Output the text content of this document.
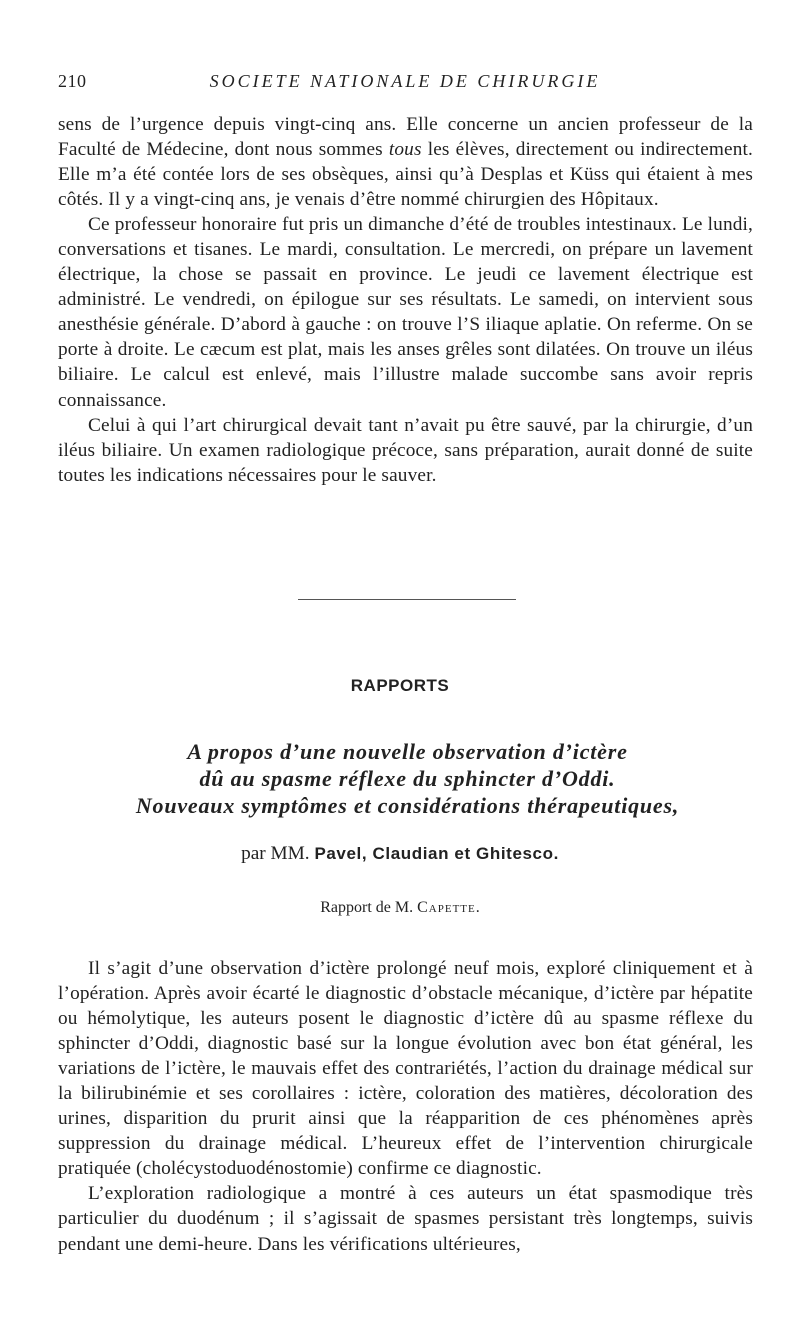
210	SOCIETE NATIONALE DE CHIRURGIE

sens de l’urgence depuis vingt-cinq ans. Elle concerne un ancien professeur de la Faculté de Médecine, dont nous sommes tous les élèves, directement ou indirectement. Elle m’a été contée lors de ses obsèques, ainsi qu’à Desplas et Küss qui étaient à mes côtés. Il y a vingt-cinq ans, je venais d’être nommé chirurgien des Hôpitaux.

Ce professeur honoraire fut pris un dimanche d’été de troubles intestinaux. Le lundi, conversations et tisanes. Le mardi, consultation. Le mercredi, on prépare un lavement électrique, la chose se passait en province. Le jeudi ce lavement électrique est administré. Le vendredi, on épilogue sur ses résultats. Le samedi, on intervient sous anesthésie générale. D’abord à gauche : on trouve l’S iliaque aplatie. On referme. On se porte à droite. Le cæcum est plat, mais les anses grêles sont dilatées. On trouve un iléus biliaire. Le calcul est enlevé, mais l’illustre malade succombe sans avoir repris connaissance.

Celui à qui l’art chirurgical devait tant n’avait pu être sauvé, par la chirurgie, d’un iléus biliaire. Un examen radiologique précoce, sans préparation, aurait donné de suite toutes les indications nécessaires pour le sauver.

RAPPORTS
A propos d’une nouvelle observation d’ictère
dû au spasme réflexe du sphincter d’Oddi.
Nouveaux symptômes et considérations thérapeutiques,
par MM. Pavel, Claudian et Ghitesco.
Rapport de M. Capette.

Il s’agit d’une observation d’ictère prolongé neuf mois, exploré cliniquement et à l’opération. Après avoir écarté le diagnostic d’obstacle mécanique, d’ictère par hépatite ou hémolytique, les auteurs posent le diagnostic d’ictère dû au spasme réflexe du sphincter d’Oddi, diagnostic basé sur la longue évolution avec bon état général, les variations de l’ictère, le mauvais effet des contrariétés, l’action du drainage médical sur la bilirubinémie et ses corollaires : ictère, coloration des matières, décoloration des urines, disparition du prurit ainsi que la réapparition de ces phénomènes après suppression du drainage médical. L’heureux effet de l’intervention chirurgicale pratiquée (cholécystoduodénostomie) confirme ce diagnostic.

L’exploration radiologique a montré à ces auteurs un état spasmodique très particulier du duodénum ; il s’agissait de spasmes persistant très longtemps, suivis pendant une demi-heure. Dans les vérifications ultérieures,
